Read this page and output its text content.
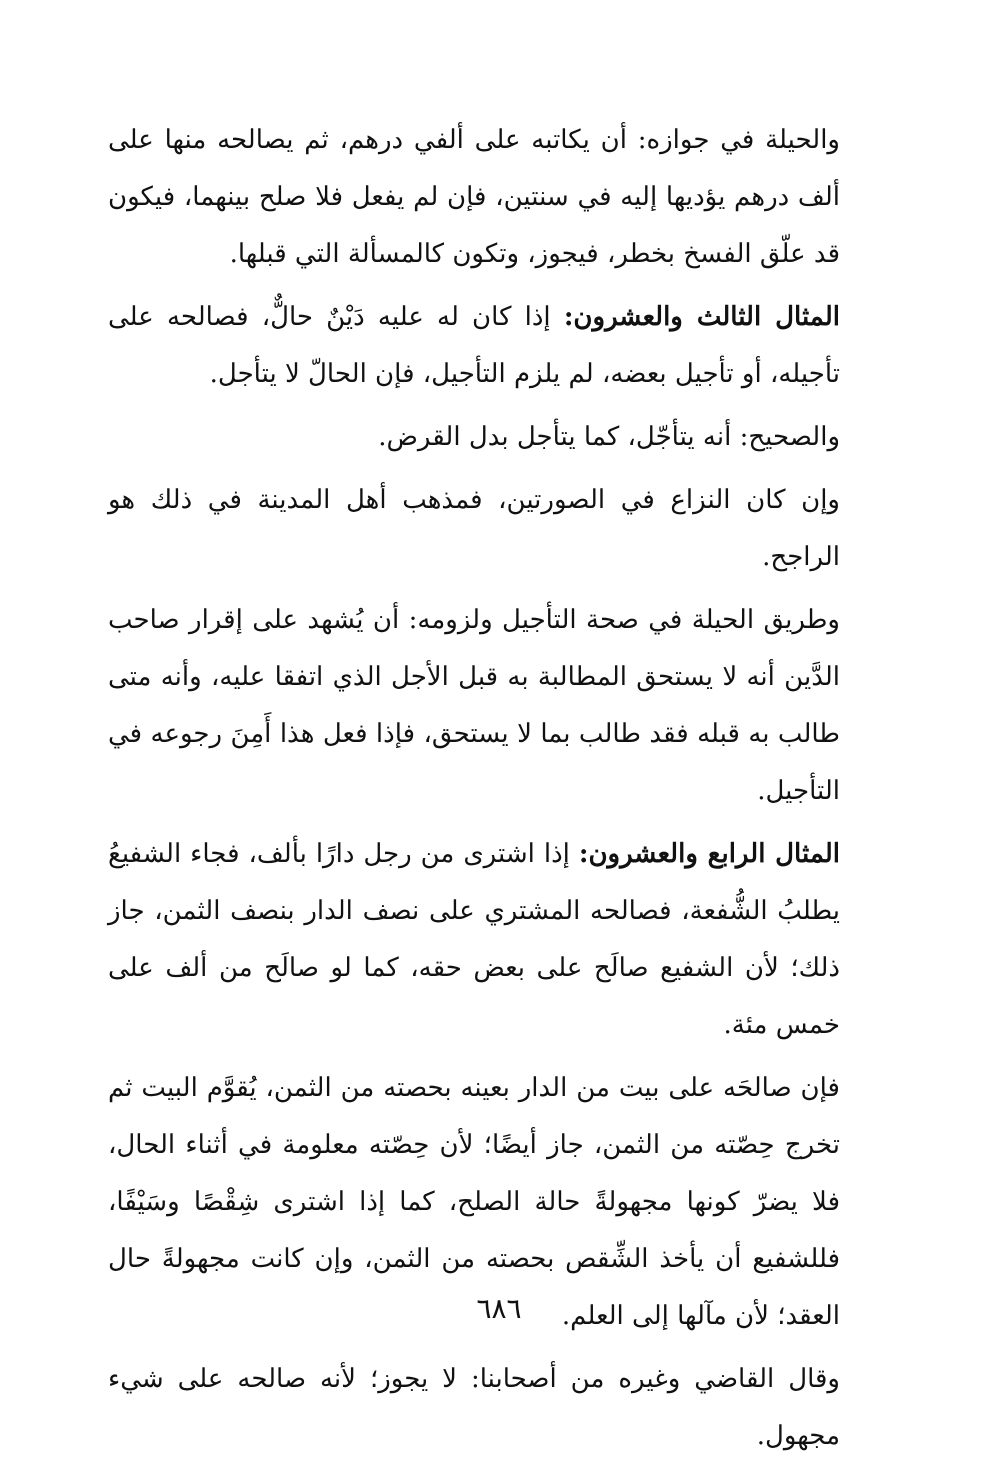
والحيلة في جوازه: أن يكاتبه على ألفي درهم، ثم يصالحه منها على ألف درهم يؤديها إليه في سنتين، فإن لم يفعل فلا صلح بينهما، فيكون قد علّق الفسخ بخطر، فيجوز، وتكون كالمسألة التي قبلها.

المثال الثالث والعشرون: إذا كان له عليه دَيْنٌ حالٌّ، فصالحه على تأجيله، أو تأجيل بعضه، لم يلزم التأجيل، فإن الحالّ لا يتأجل.

والصحيح: أنه يتأجّل، كما يتأجل بدل القرض.

وإن كان النزاع في الصورتين، فمذهب أهل المدينة في ذلك هو الراجح.

وطريق الحيلة في صحة التأجيل ولزومه: أن يُشهد على إقرار صاحب الدَّين أنه لا يستحق المطالبة به قبل الأجل الذي اتفقا عليه، وأنه متى طالب به قبله فقد طالب بما لا يستحق، فإذا فعل هذا أَمِنَ رجوعه في التأجيل.

المثال الرابع والعشرون: إذا اشترى من رجل دارًا بألف، فجاء الشفيعُ يطلبُ الشُّفعة، فصالحه المشتري على نصف الدار بنصف الثمن، جاز ذلك؛ لأن الشفيع صالَح على بعض حقه، كما لو صالَح من ألف على خمس مئة.

فإن صالحَه على بيت من الدار بعينه بحصته من الثمن، يُقوَّم البيت ثم تخرج حِصّته من الثمن، جاز أيضًا؛ لأن حِصّته معلومة في أثناء الحال، فلا يضرّ كونها مجهولةً حالة الصلح، كما إذا اشترى شِقْصًا وسَيْفًا، فللشفيع أن يأخذ الشِّقص بحصته من الثمن، وإن كانت مجهولةً حال العقد؛ لأن مآلها إلى العلم.

وقال القاضي وغيره من أصحابنا: لا يجوز؛ لأنه صالحه على شيء مجهول.

٦٨٦
